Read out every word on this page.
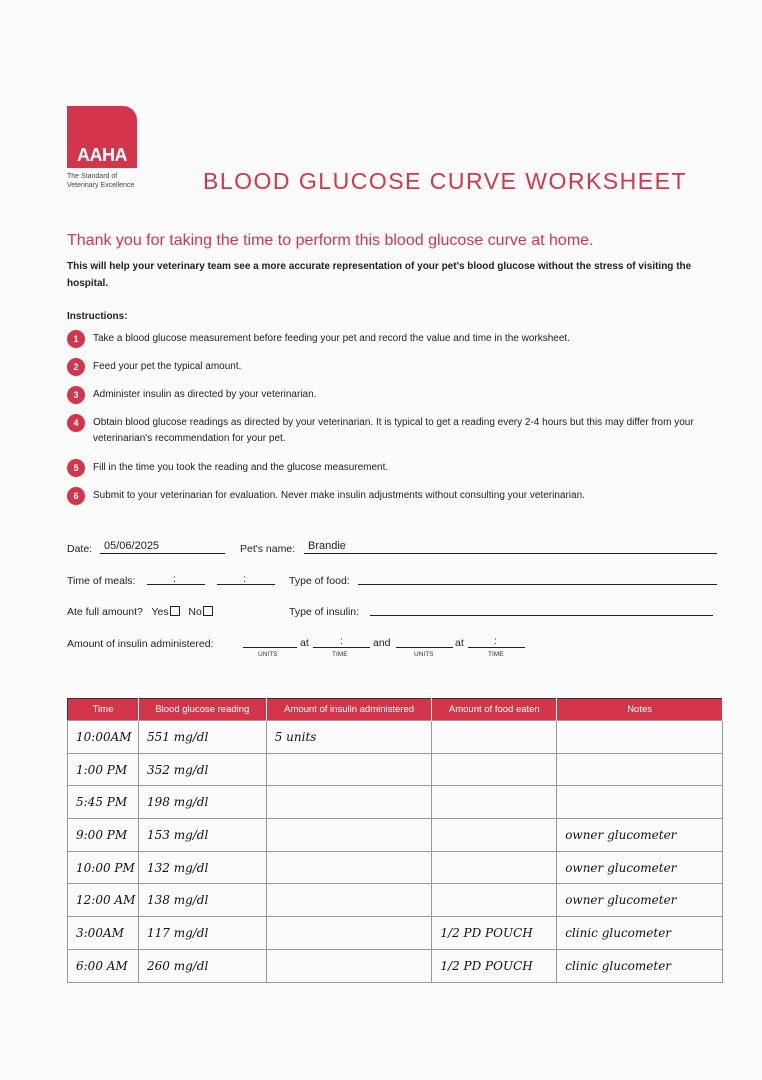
AAHA
The Standard of Veterinary Excellence	BLOOD GLUCOSE CURVE WORKSHEET
Thank you for taking the time to perform this blood glucose curve at home.
This will help your veterinary team see a more accurate representation of your pet's blood glucose without the stress of visiting the hospital.
Instructions:
1	Take a blood glucose measurement before feeding your pet and record the value and time in the worksheet.
2	Feed your pet the typical amount.
3	Administer insulin as directed by your veterinarian.
4	Obtain blood glucose readings as directed by your veterinarian. It is typical to get a reading every 2-4 hours but this may differ from your veterinarian's recommendation for your pet.
5	Fill in the time you took the reading and the glucose measurement.
6	Submit to your veterinarian for evaluation. Never make insulin adjustments without consulting your veterinarian.
Date: 05/06/2025	Pet's name: Brandie
Time of meals:	:	:	Type of food:
Ate full amount? Yes No	Type of insulin:
Amount of insulin administered:	at	:	and	at	:
UNITS	TIME	UNITS	TIME
Time	Blood glucose reading	Amount of insulin administered	Amount of food eaten	Notes
10:00AM	551 mg/dl	5 units		
1:00 PM	352 mg/dl			
5:45 PM	198 mg/dl			
9:00 PM	153 mg/dl			owner glucometer
10:00 PM	132 mg/dl			owner glucometer
12:00 AM	138 mg/dl			owner glucometer
3:00AM	117 mg/dl		1/2 PD POUCH	clinic glucometer
6:00 AM	260 mg/dl		1/2 PD POUCH	clinic glucometer
